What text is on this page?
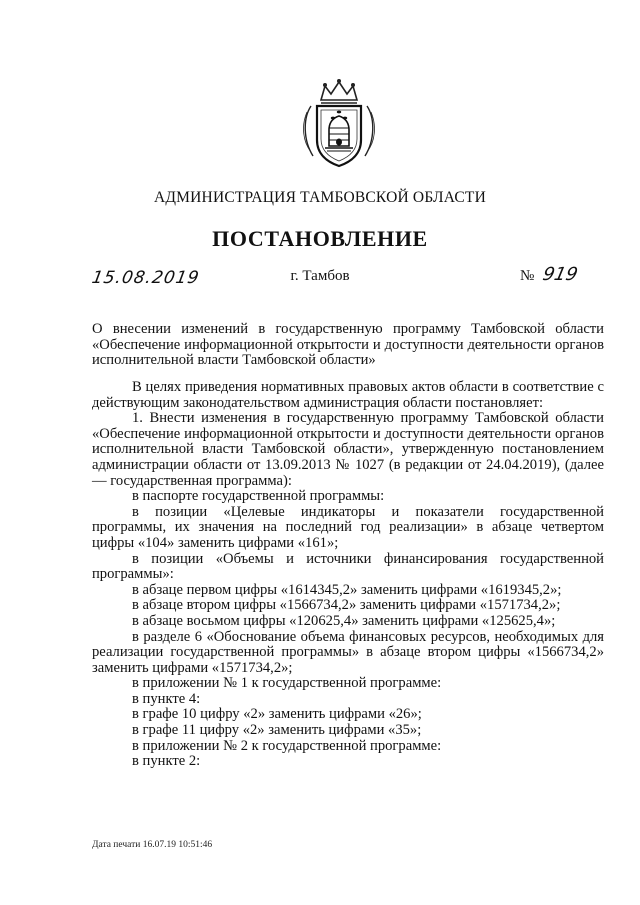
АДМИНИСТРАЦИЯ ТАМБОВСКОЙ ОБЛАСТИ
ПОСТАНОВЛЕНИЕ
15.08.2019	г. Тамбов	№ 919
О внесении изменений в государственную программу Тамбовской области «Обеспечение информационной открытости и доступности деятельности органов исполнительной власти Тамбовской области»

В целях приведения нормативных правовых актов области в соответствие с действующим законодательством администрация области постановляет:

1. Внести изменения в государственную программу Тамбовской области «Обеспечение информационной открытости и доступности деятельности органов исполнительной власти Тамбовской области», утвержденную постановлением администрации области от 13.09.2013 № 1027 (в редакции от 24.04.2019), (далее — государственная программа):

в паспорте государственной программы:

в позиции «Целевые индикаторы и показатели государственной программы, их значения на последний год реализации» в абзаце четвертом цифры «104» заменить цифрами «161»;

в позиции «Объемы и источники финансирования государственной программы»:

в абзаце первом цифры «1614345,2» заменить цифрами «1619345,2»;

в абзаце втором цифры «1566734,2» заменить цифрами «1571734,2»;

в абзаце восьмом цифры «120625,4» заменить цифрами «125625,4»;

в разделе 6 «Обоснование объема финансовых ресурсов, необходимых для реализации государственной программы» в абзаце втором цифры «1566734,2» заменить цифрами «1571734,2»;

в приложении № 1 к государственной программе:

в пункте 4:

в графе 10 цифру «2» заменить цифрами «26»;

в графе 11 цифру «2» заменить цифрами «35»;

в приложении № 2 к государственной программе:

в пункте 2:

Дата печати 16.07.19 10:51:46
